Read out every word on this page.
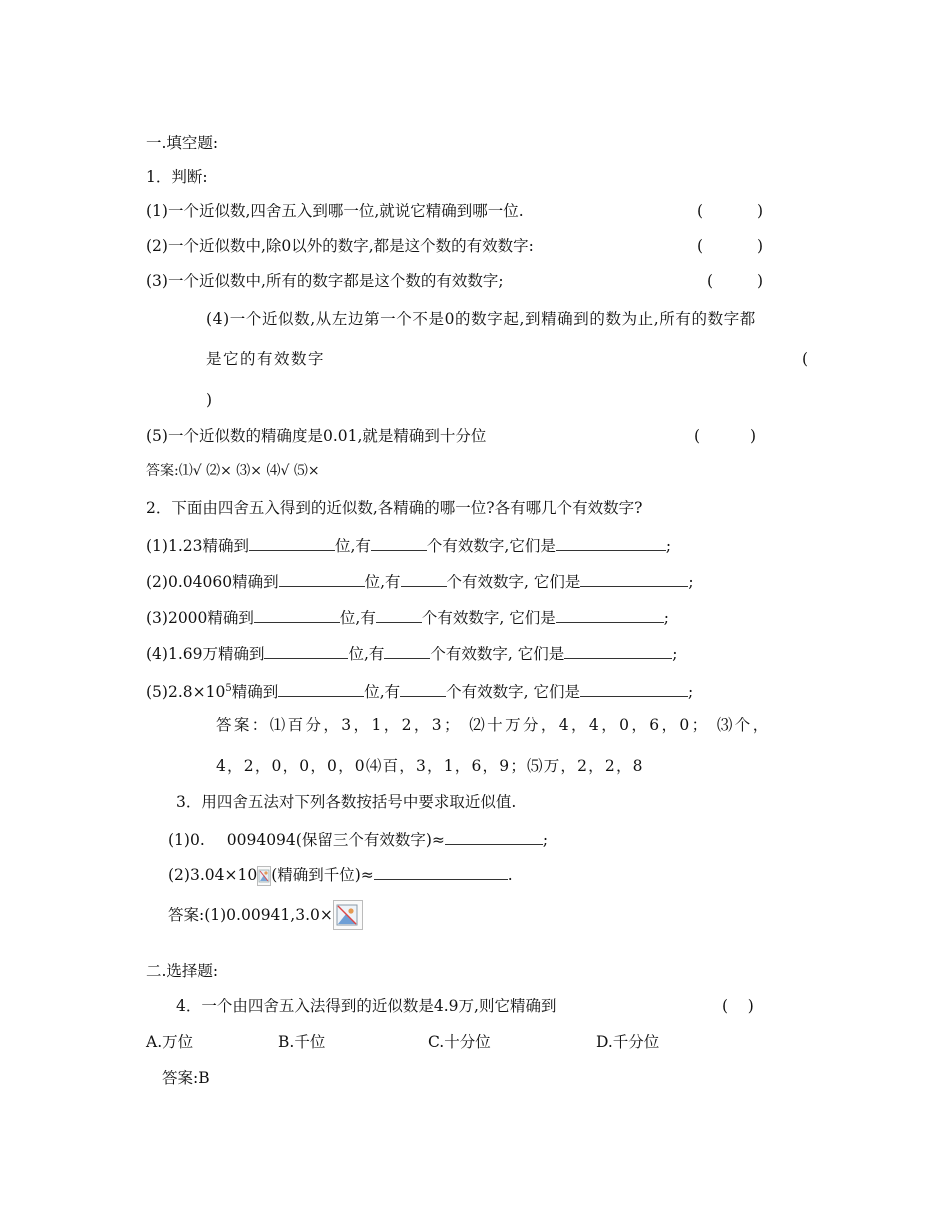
一.填空题:
1．判断:
(1)一个近似数,四舍五入到哪一位,就说它精确到哪一位.	(	)
(2)一个近似数中,除0以外的数字,都是这个数的有效数字:	(	)
(3)一个近似数中,所有的数字都是这个数的有效数字;	(	)
(4)一个近似数,从左边第一个不是0的数字起,到精确到的数为止,所有的数字都
是它的有效数字	(
)
(5)一个近似数的精确度是0.01,就是精确到十分位	(	)
答案:⑴√ ⑵× ⑶× ⑷√ ⑸×
2．下面由四舍五入得到的近似数,各精确的哪一位?各有哪几个有效数字?
(1)1.23精确到	位,有	个有效数字,它们是	;
(2)0.04060精确到	位,有	个有效数字, 它们是	;
(3)2000精确到	位,有	个有效数字, 它们是	;
(4)1.69万精确到	位,有	个有效数字, 它们是	;
$(5)2.8\times 10^5$精确到	位,有	个有效数字, 它们是	;
答案：⑴百分，3，1，2，3； ⑵十万分，4，4，0，6，0； ⑶个，
4，2，0，0，0，0⑷百，3，1，6，9；⑸万，2，2，8
3．用四舍五法对下列各数按括号中要求取近似值.
(1)0. 0094094(保留三个有效数字)≈	;
(2)3.04×10 (精确到千位)≈	.
答案:(1)0.00941,3.0×
二.选择题:
4．一个由四舍五入法得到的近似数是4.9万,则它精确到	(    )
A.万位	B.千位	C.十分位	D.千分位
答案:B
